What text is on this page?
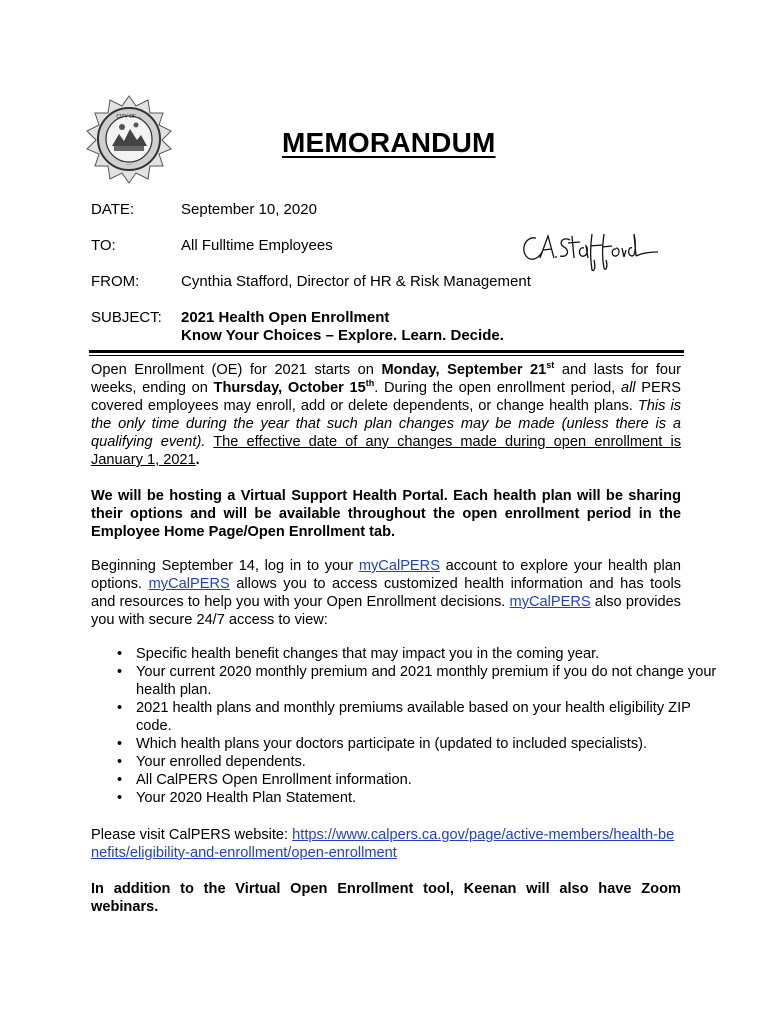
CITY OF ...
...
MEMORANDUM
DATE:	September 10, 2020
TO:	All Fulltime Employees
FROM:	Cynthia Stafford, Director of HR & Risk Management
SUBJECT:	2021 Health Open Enrollment
Know Your Choices – Explore. Learn. Decide.
C.A. Stafford
Open Enrollment (OE) for 2021 starts on Monday, September 21st and lasts for four weeks, ending on Thursday, October 15th. During the open enrollment period, all PERS covered employees may enroll, add or delete dependents, or change health plans. This is the only time during the year that such plan changes may be made (unless there is a qualifying event). The effective date of any changes made during open enrollment is January 1, 2021.
We will be hosting a Virtual Support Health Portal. Each health plan will be sharing their options and will be available throughout the open enrollment period in the Employee Home Page/Open Enrollment tab.
Beginning September 14, log in to your myCalPERS account to explore your health plan options. myCalPERS allows you to access customized health information and has tools and resources to help you with your Open Enrollment decisions. myCalPERS also provides you with secure 24/7 access to view:
• Specific health benefit changes that may impact you in the coming year.
• Your current 2020 monthly premium and 2021 monthly premium if you do not change your health plan.
• 2021 health plans and monthly premiums available based on your health eligibility ZIP code.
• Which health plans your doctors participate in (updated to included specialists).
• Your enrolled dependents.
• All CalPERS Open Enrollment information.
• Your 2020 Health Plan Statement.
Please visit CalPERS website: https://www.calpers.ca.gov/page/active-members/health-benefits/eligibility-and-enrollment/open-enrollment
In addition to the Virtual Open Enrollment tool, Keenan will also have Zoom webinars.
